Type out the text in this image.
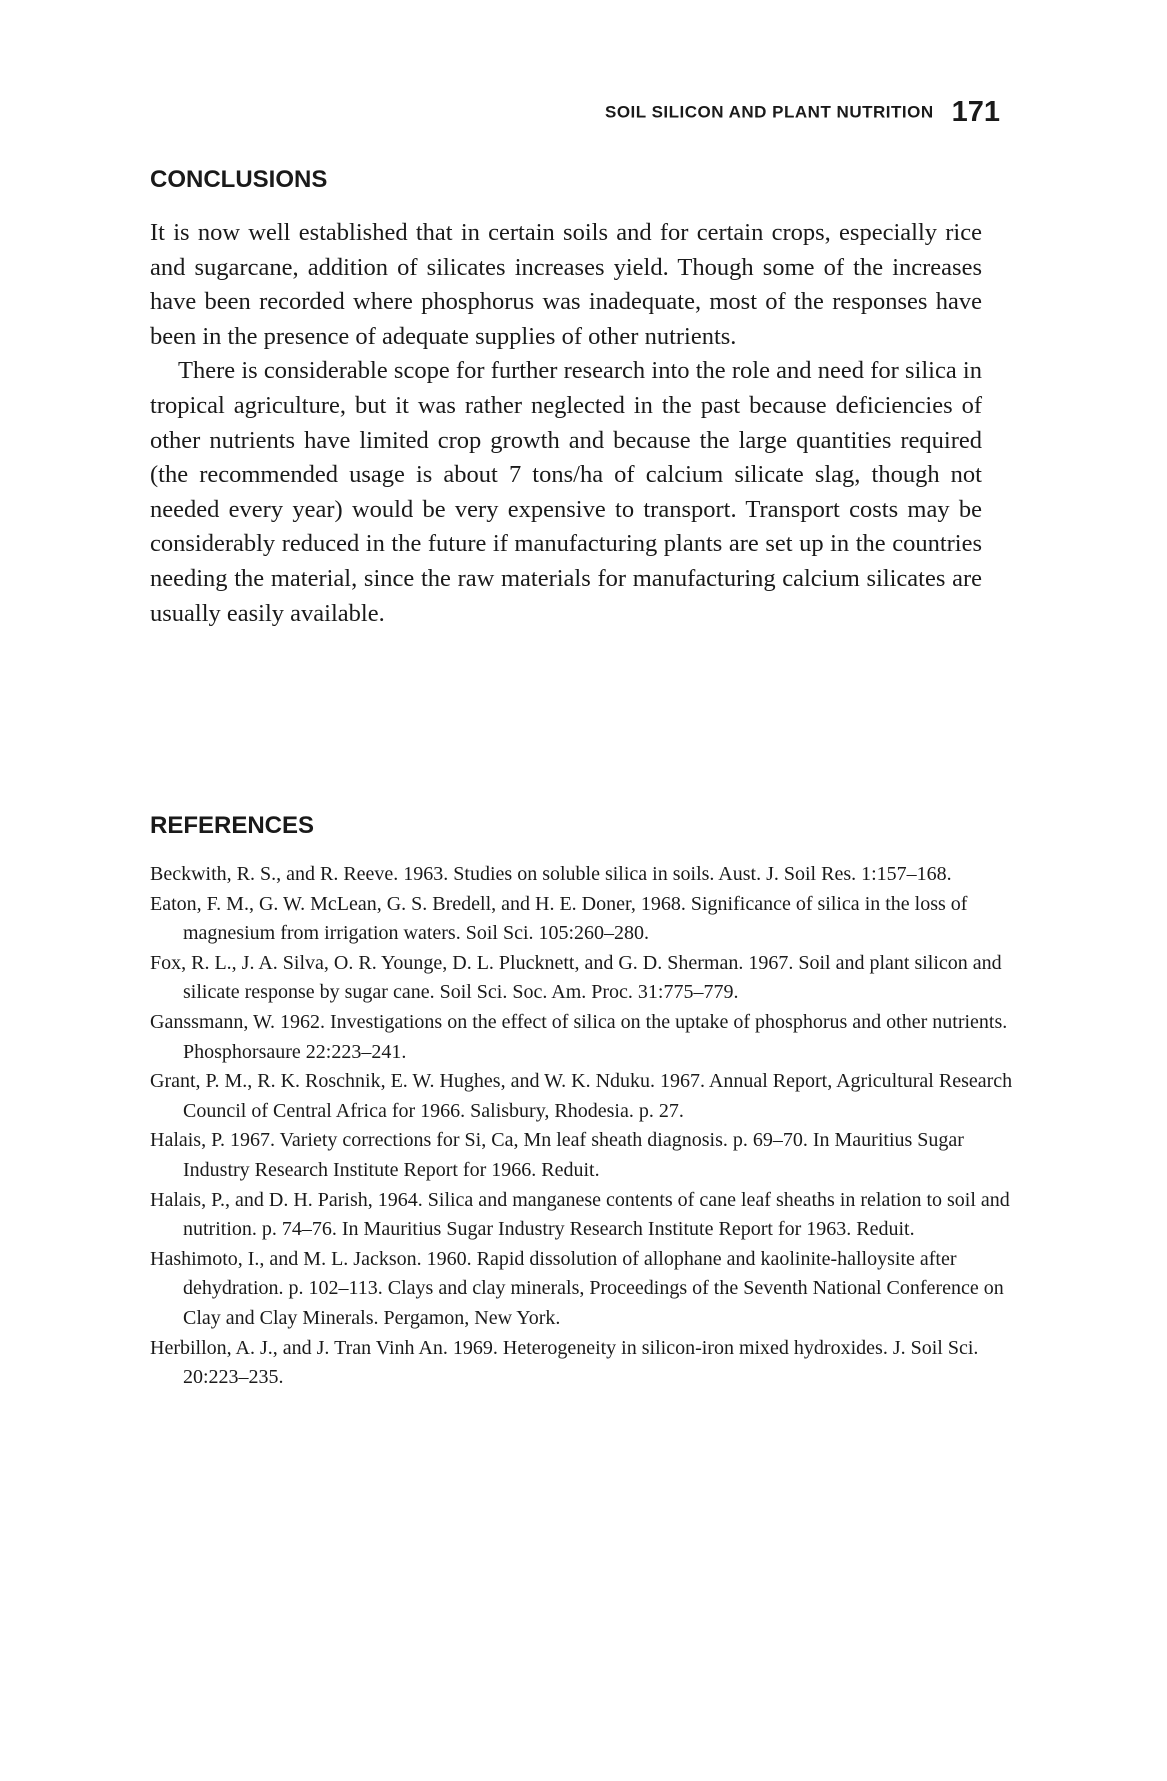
SOIL SILICON AND PLANT NUTRITION 171
CONCLUSIONS

It is now well established that in certain soils and for certain crops, especially rice and sugarcane, addition of silicates increases yield. Though some of the increases have been recorded where phosphorus was inadequate, most of the responses have been in the presence of adequate supplies of other nutrients.

There is considerable scope for further research into the role and need for silica in tropical agriculture, but it was rather neglected in the past because deficiencies of other nutrients have limited crop growth and because the large quantities required (the recommended usage is about 7 tons/ha of calcium silicate slag, though not needed every year) would be very expensive to transport. Transport costs may be considerably reduced in the future if manufacturing plants are set up in the countries needing the material, since the raw materials for manufacturing calcium silicates are usually easily available.

REFERENCES
Beckwith, R. S., and R. Reeve. 1963. Studies on soluble silica in soils. Aust. J. Soil Res. 1:157–168.
Eaton, F. M., G. W. McLean, G. S. Bredell, and H. E. Doner, 1968. Significance of silica in the loss of magnesium from irrigation waters. Soil Sci. 105:260–280.
Fox, R. L., J. A. Silva, O. R. Younge, D. L. Plucknett, and G. D. Sherman. 1967. Soil and plant silicon and silicate response by sugar cane. Soil Sci. Soc. Am. Proc. 31:775–779.
Ganssmann, W. 1962. Investigations on the effect of silica on the uptake of phosphorus and other nutrients. Phosphorsaure 22:223–241.
Grant, P. M., R. K. Roschnik, E. W. Hughes, and W. K. Nduku. 1967. Annual Report, Agricultural Research Council of Central Africa for 1966. Salisbury, Rhodesia. p. 27.
Halais, P. 1967. Variety corrections for Si, Ca, Mn leaf sheath diagnosis. p. 69–70. In Mauritius Sugar Industry Research Institute Report for 1966. Reduit.
Halais, P., and D. H. Parish, 1964. Silica and manganese contents of cane leaf sheaths in relation to soil and nutrition. p. 74–76. In Mauritius Sugar Industry Research Institute Report for 1963. Reduit.
Hashimoto, I., and M. L. Jackson. 1960. Rapid dissolution of allophane and kaolinite-halloysite after dehydration. p. 102–113. Clays and clay minerals, Proceedings of the Seventh National Conference on Clay and Clay Minerals. Pergamon, New York.
Herbillon, A. J., and J. Tran Vinh An. 1969. Heterogeneity in silicon-iron mixed hydroxides. J. Soil Sci. 20:223–235.
